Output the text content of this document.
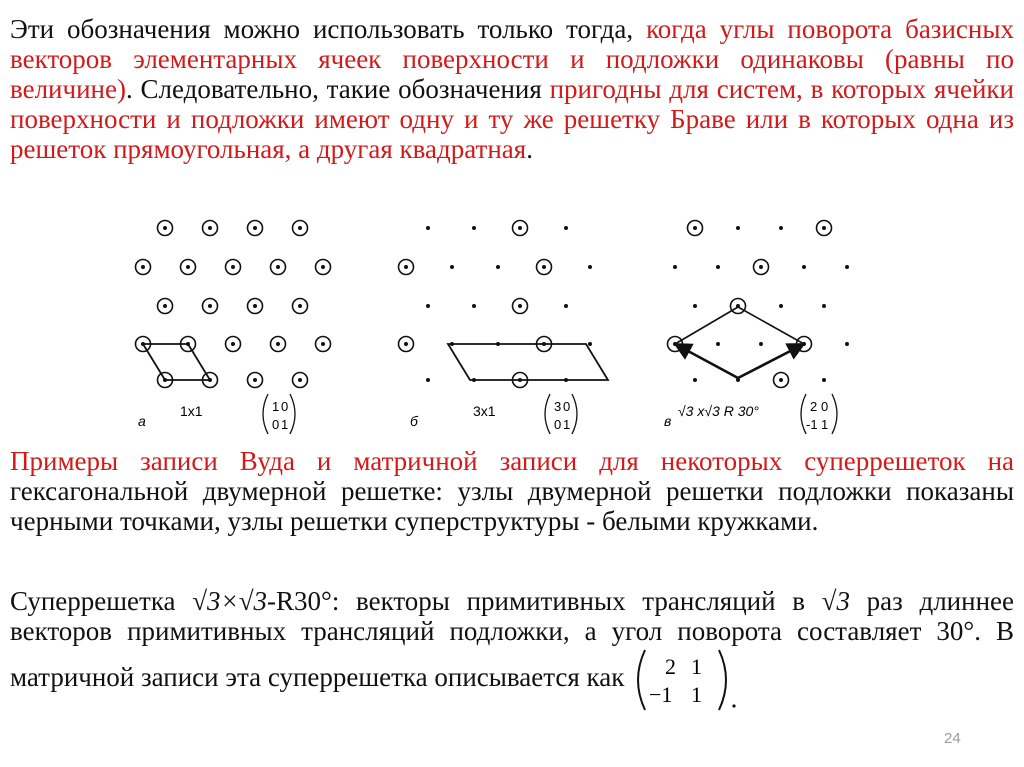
Эти обозначения можно использовать только тогда, когда углы поворота базисных векторов элементарных ячеек поверхности и подложки одинаковы (равны по величине). Следовательно, такие обозначения пригодны для систем, в которых ячейки поверхности и подложки имеют одну и ту же решетку Браве или в которых одна из решеток прямоугольная, а другая квадратная.
а
1x1	1 0
0 1	б
3x1	3 0
0 1	в
√3 x√3 R 30°	2 0
-1 1
Примеры записи Вуда и матричной записи для некоторых суперрешеток на гексагональной двумерной решетке: узлы двумерной решетки подложки показаны черными точками, узлы решетки суперструктуры - белыми кружками.
Суперрешетка √3×√3-R30°: векторы примитивных трансляций в √3 раз длиннее векторов примитивных трансляций подложки, а угол поворота составляет 30°. В матричной записи эта суперрешетка описывается как 2 1
−1 1
24
